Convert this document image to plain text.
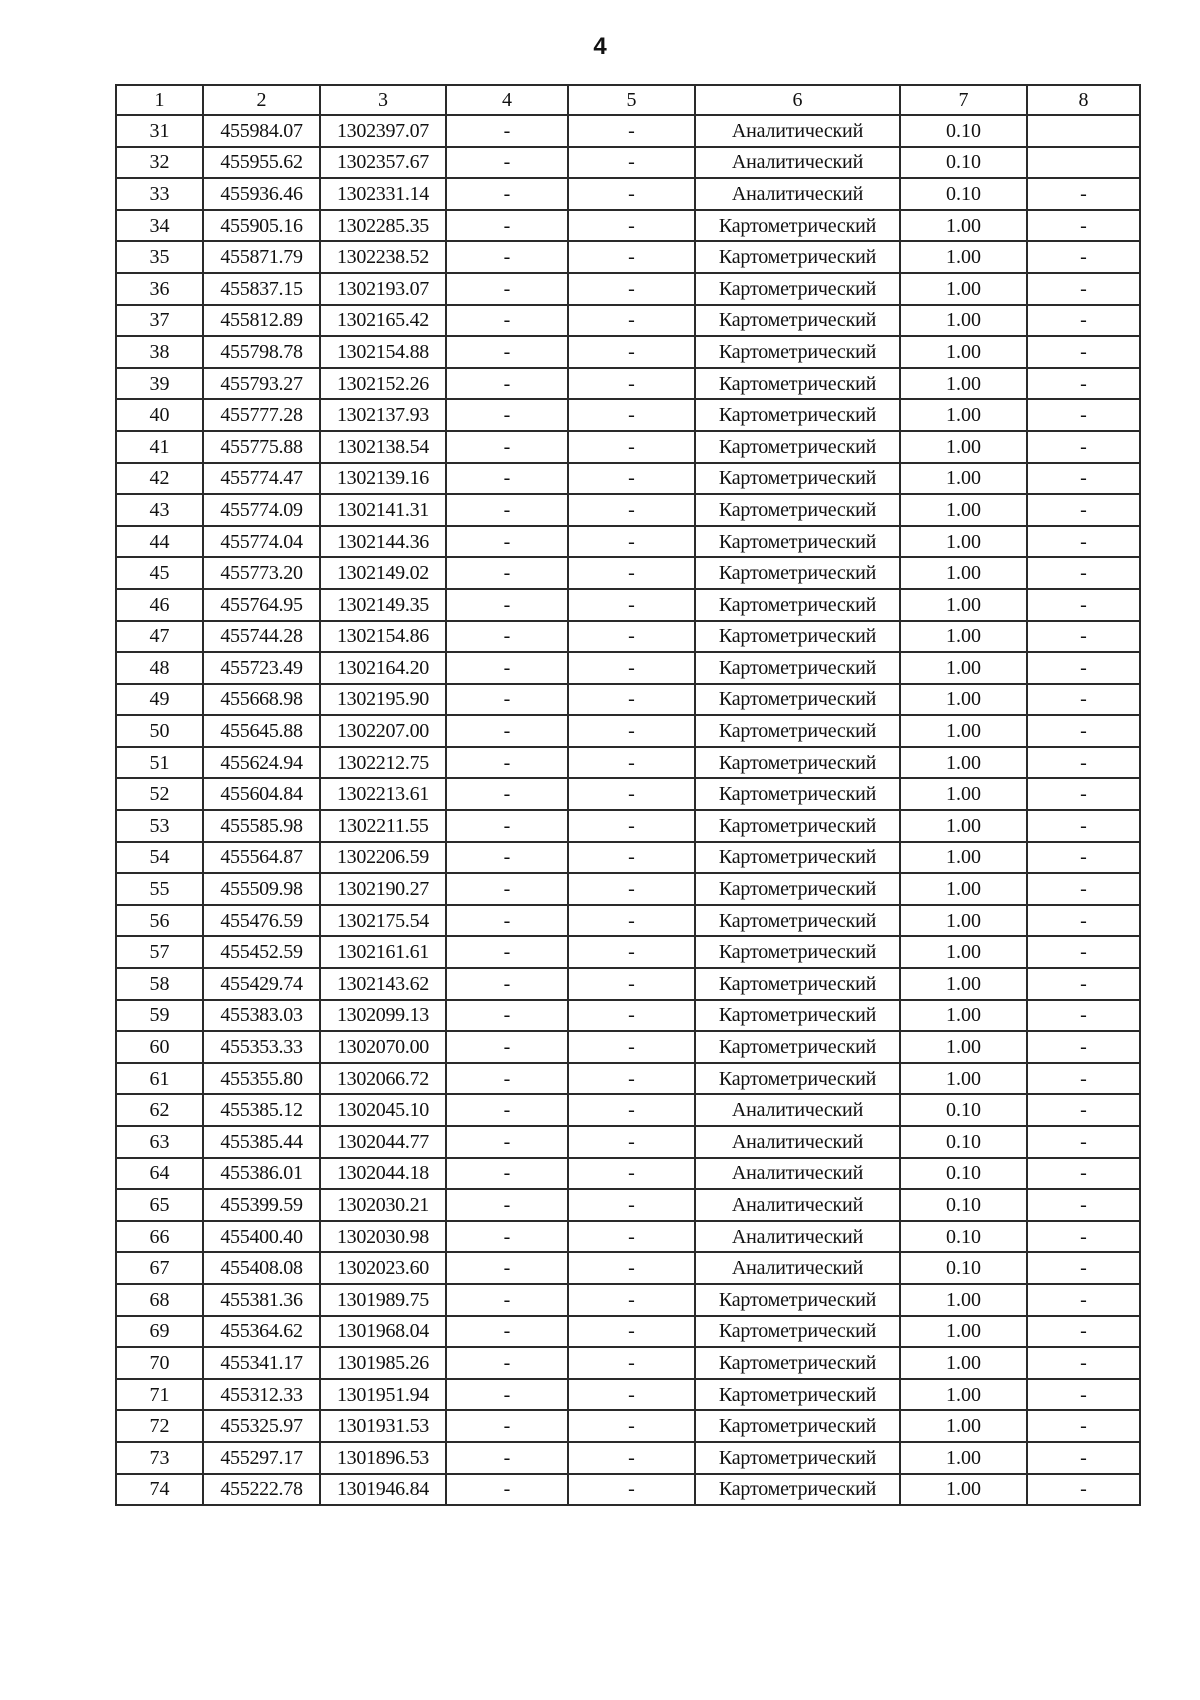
4
1	2	3	4	5	6	7	8
31	455984.07	1302397.07	-	-	Аналитический	0.10	
32	455955.62	1302357.67	-	-	Аналитический	0.10	
33	455936.46	1302331.14	-	-	Аналитический	0.10	-
34	455905.16	1302285.35	-	-	Картометрический	1.00	-
35	455871.79	1302238.52	-	-	Картометрический	1.00	-
36	455837.15	1302193.07	-	-	Картометрический	1.00	-
37	455812.89	1302165.42	-	-	Картометрический	1.00	-
38	455798.78	1302154.88	-	-	Картометрический	1.00	-
39	455793.27	1302152.26	-	-	Картометрический	1.00	-
40	455777.28	1302137.93	-	-	Картометрический	1.00	-
41	455775.88	1302138.54	-	-	Картометрический	1.00	-
42	455774.47	1302139.16	-	-	Картометрический	1.00	-
43	455774.09	1302141.31	-	-	Картометрический	1.00	-
44	455774.04	1302144.36	-	-	Картометрический	1.00	-
45	455773.20	1302149.02	-	-	Картометрический	1.00	-
46	455764.95	1302149.35	-	-	Картометрический	1.00	-
47	455744.28	1302154.86	-	-	Картометрический	1.00	-
48	455723.49	1302164.20	-	-	Картометрический	1.00	-
49	455668.98	1302195.90	-	-	Картометрический	1.00	-
50	455645.88	1302207.00	-	-	Картометрический	1.00	-
51	455624.94	1302212.75	-	-	Картометрический	1.00	-
52	455604.84	1302213.61	-	-	Картометрический	1.00	-
53	455585.98	1302211.55	-	-	Картометрический	1.00	-
54	455564.87	1302206.59	-	-	Картометрический	1.00	-
55	455509.98	1302190.27	-	-	Картометрический	1.00	-
56	455476.59	1302175.54	-	-	Картометрический	1.00	-
57	455452.59	1302161.61	-	-	Картометрический	1.00	-
58	455429.74	1302143.62	-	-	Картометрический	1.00	-
59	455383.03	1302099.13	-	-	Картометрический	1.00	-
60	455353.33	1302070.00	-	-	Картометрический	1.00	-
61	455355.80	1302066.72	-	-	Картометрический	1.00	-
62	455385.12	1302045.10	-	-	Аналитический	0.10	-
63	455385.44	1302044.77	-	-	Аналитический	0.10	-
64	455386.01	1302044.18	-	-	Аналитический	0.10	-
65	455399.59	1302030.21	-	-	Аналитический	0.10	-
66	455400.40	1302030.98	-	-	Аналитический	0.10	-
67	455408.08	1302023.60	-	-	Аналитический	0.10	-
68	455381.36	1301989.75	-	-	Картометрический	1.00	-
69	455364.62	1301968.04	-	-	Картометрический	1.00	-
70	455341.17	1301985.26	-	-	Картометрический	1.00	-
71	455312.33	1301951.94	-	-	Картометрический	1.00	-
72	455325.97	1301931.53	-	-	Картометрический	1.00	-
73	455297.17	1301896.53	-	-	Картометрический	1.00	-
74	455222.78	1301946.84	-	-	Картометрический	1.00	-
